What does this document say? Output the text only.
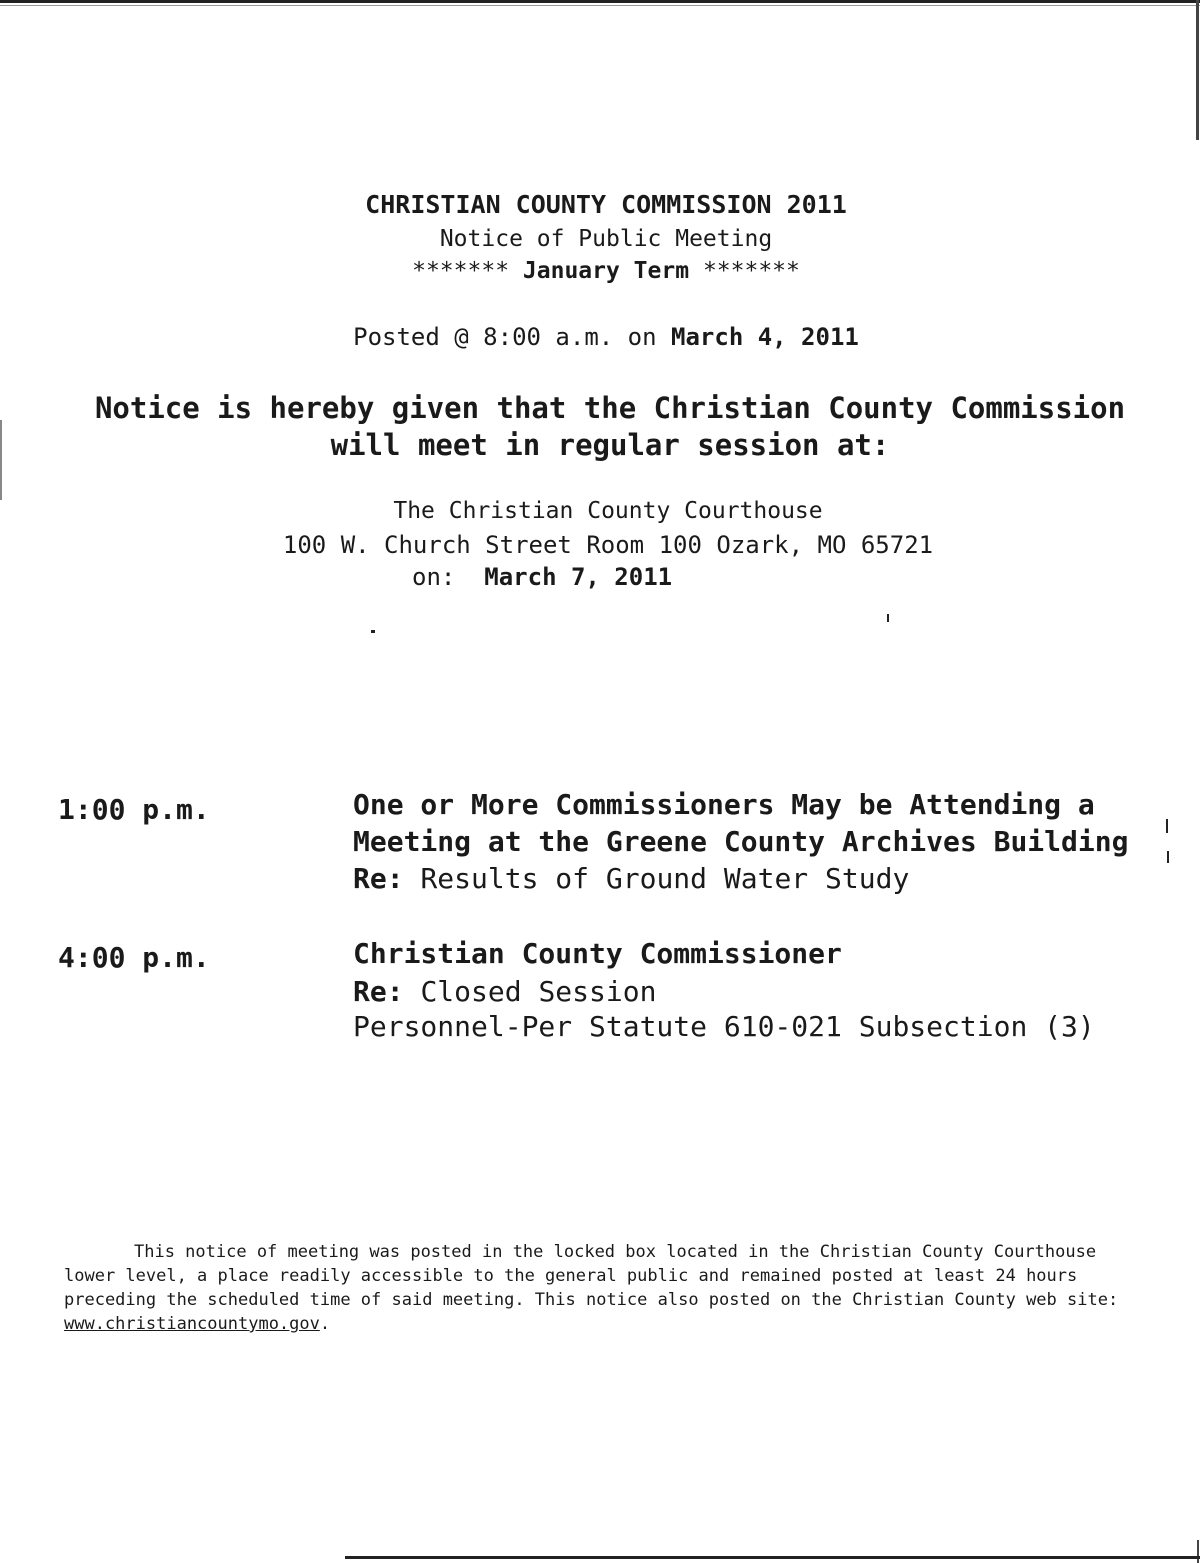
CHRISTIAN COUNTY COMMISSION 2011
Notice of Public Meeting
******* January Term *******
Posted @ 8:00 a.m. on March 4, 2011
Notice is hereby given that the Christian County Commission
will meet in regular session at:
The Christian County Courthouse
100 W. Church Street Room 100 Ozark, MO 65721
on: March 7, 2011
1:00 p.m.	One or More Commissioners May be Attending a
Meeting at the Greene County Archives Building
Re: Results of Ground Water Study
4:00 p.m.	Christian County Commissioner
Re: Closed Session
Personnel-Per Statute 610-021 Subsection (3)
This notice of meeting was posted in the locked box located in the Christian County Courthouse lower level, a place readily accessible to the general public and remained posted at least 24 hours preceding the scheduled time of said meeting. This notice also posted on the Christian County web site: www.christiancountymo.gov.
